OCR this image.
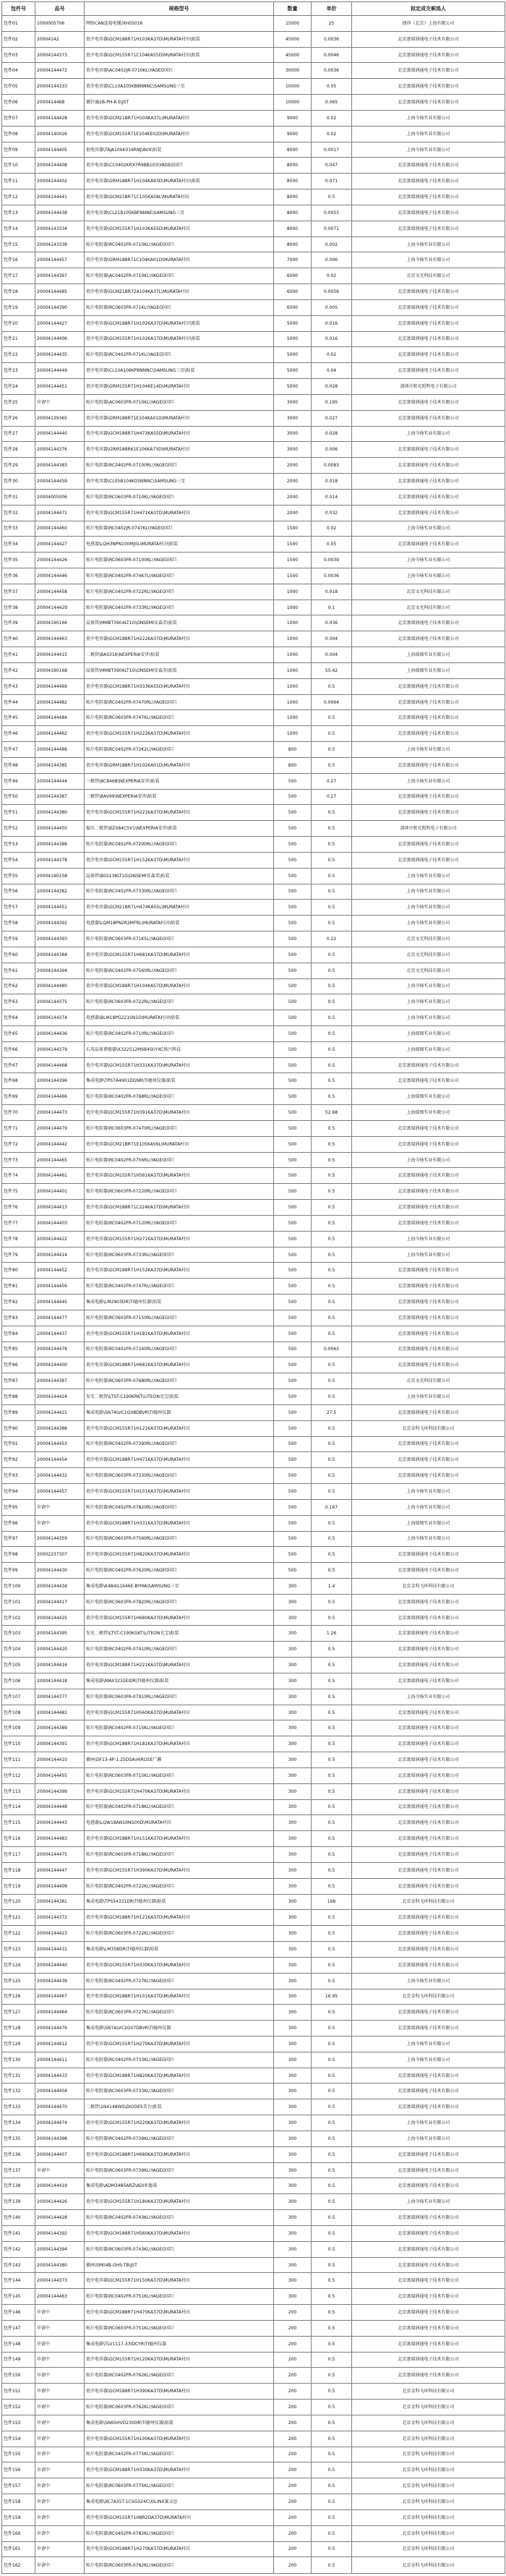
包件号	品号	规格型号	数量	单价	拟定成交候选人
包件01	1000005706	网络CAN连接电缆/XH0S016	15000	25	捷得（北京）上海有限公司
包件02	20004142	瓷介电容器\GCM188R71H103KA37D\MURATA村田\贴装	45000	0.0036	北京富瑞润通电子技术有限公司
包件03	20004144373	瓷介电容器\GCM155R71C104KA55D\MURATA村田\贴装	45000	0.0046	北京富瑞润通电子技术有限公司
包件04	20004144472	瓷介电容器\AC0402JR-0710KL\YAGEO国巨	30000	0.0036	北京富瑞润通电子技术有限公司
包件05	20004144333	瓷介电容器\CL10A105KB8NNNC\SAMSUNG三星	10000	0.05	北京富瑞润通电子技术有限公司
包件06	2000414468	插针\B2B-PH-K-S\JST	10000	0.065	北京富瑞润通电子技术有限公司
包件07	20004144428	瓷介电容器\GCM21BR71H104KA37L\MURATA村田	9000	0.02	上海今扬实业有限公司
包件08	20004140026	瓷介电容器\GCM155R71E104KE02D\MURATA村田	9000	0.02	上海今扬实业有限公司
包件09	20004144405	钽电容器\TAJA106K016RNJ\AVX\贴装	8000	0.0017	上海今扬实业有限公司
包件10	20004144408	瓷介电容器\CC0402KRX7R9BB103\YAGEO国巨	8000	0.047	北京富瑞润通电子技术有限公司
包件11	20004144402	瓷介电容器\GRM188R71H104KA93D\MURATA村田\贴装	8500	0.071	北京富瑞润通电子技术有限公司
包件12	20004144441	瓷介电容器\GCM21BR71C105KA58L\MURATA村田	8000	0.5	北京富瑞润通电子技术有限公司
包件13	20004144438	瓷介电容器\CL21B105KBFNNNE\SAMSUNG三星	8000	0.0053	北京富瑞润通电子技术有限公司
包件14	20004143334	瓷介电容器\GCM155R71H103KA55D\MURATA村田	8000	0.0071	北京富瑞润通电子技术有限公司
包件15	20004143338	贴片电阻器\RC0402FR-0710KL\YAGEO国巨	8000	0.002	上海今扬实业有限公司
包件16	20004144457	瓷介电容器\GRM188R71C104KA01D\MURATA村田	7000	0.006	上海今扬实业有限公司
包件17	20004144397	贴片电阻器\AC0402FR-0710KL\YAGEO国巨	6000	0.02	北京文光科技有限公司
包件18	20004144485	瓷介电容器\GCM21BR72A104KA37L\MURATA村田	6000	0.0056	北京富瑞润通电子技术有限公司
包件19	20004144390	贴片电阻器\RC0603FR-071KL\YAGEO国巨	6000	0.005	北京富瑞润通电子技术有限公司
包件20	20004144427	瓷介电容器\GCM188R71H102KA37D\MURATA村田\贴装	5000	0.016	北京富瑞润通电子技术有限公司
包件21	20004144406	瓷介电容器\GCM155R71H102KA37D\MURATA村田\贴装	5000	0.016	北京富瑞润通电子技术有限公司
包件22	20004144435	贴片电阻器\RC0402FR-071KL\YAGEO国巨	5000	0.02	北京富瑞润通电子技术有限公司
包件23	20004144449	瓷介电容器\CL10A106KP8NNNC\SAMSUNG三星\贴装	5000	0.04	北京富瑞润通电子技术有限公司
包件24	20004144451	瓷介电容器\GRM155R71H104KE14D\MURATA村田	5000	0.028	深圳市和光照明电子有限公司
包件25	申请中	贴片电阻器\AC0603FR-0710KL\YAGEO国巨	3000	0.195	北京富瑞润通电子技术有限公司
包件26	20004139365	瓷介电容器\GRM188R71E104KA01D\MURATA村田	3000	0.027	北京富瑞润通电子技术有限公司
包件27	20004144440	瓷介电容器\GCM188R71H473KA55D\MURATA村田	3000	0.028	上海今扬实业有限公司
包件28	20004144376	瓷介电容器\GRM188R61E106KA73D\MURATA村田	3000	0.006	北京富瑞润通电子技术有限公司
包件29	20004144383	贴片电阻器\RC0402FR-07100RL\YAGEO国巨	2000	0.0083	北京富瑞润通电子技术有限公司
包件30	20004144459	瓷介电容器\CL05B104KO5NNNC\SAMSUNG三星	2000	0.018	北京富瑞润通电子技术有限公司
包件31	20004005006	贴片电阻器\RC0603FR-0710KL\YAGEO国巨	2000	0.014	北京富瑞润通电子技术有限公司
包件32	20004144471	瓷介电容器\GCM155R71H471KA37D\MURATA村田	2000	0.032	北京富瑞润通电子技术有限公司
包件33	20004144460	贴片电阻器\RC0402JR-0747KL\YAGEO国巨	1500	0.02	上海今扬实业有限公司
包件34	20004144427	电感器\LQH3NPN100MJ0L\MURATA村田\贴装	1500	0.05	北京富瑞润通电子技术有限公司
包件35	20004144426	贴片电阻器\RC0603FR-07100KL\YAGEO国巨	1500	0.0039	上海今扬实业有限公司
包件36	20004144446	贴片电阻器\RC0402FR-074K7L\YAGEO国巨	1500	0.0036	上海今扬实业有限公司
包件37	20004144458	贴片电阻器\RC0402FR-0722RL\YAGEO国巨	1000	0.018	北京文光科技有限公司
包件38	20004144429	贴片电阻器\RC0402FR-0733RL\YAGEO国巨	1000	0.1	北京文光科技有限公司
包件39	20004190166	晶体管\MMBT3904LT1G\ONSEMI安森美\贴装	1000	0.036	北京富瑞润通电子技术有限公司
包件40	20004144463	瓷介电容器\GCM188R71H222KA37D\MURATA村田	1000	0.004	北京富瑞润通电子技术有限公司
包件41	20004144415	二极管\BAS316\NEXPERIA安世\贴装	1000	0.004	上海瑞图实业有限公司
包件42	20004190168	晶体管\MMBT3906LT1G\ONSEMI安森美\贴装	1000	55.42	上海瑞图实业有限公司
包件43	20004144469	瓷介电容器\GCM188R71H333KA55D\MURATA村田	1000	0.5	北京富瑞润通电子技术有限公司
包件44	20004144482	贴片电阻器\RC0402FR-07470RL\YAGEO国巨	1000	0.0064	北京富瑞润通电子技术有限公司
包件45	20004144484	贴片电阻器\RC0603FR-0747KL\YAGEO国巨	1000	0.5	北京富瑞润通电子技术有限公司
包件46	20004144462	瓷介电容器\GCM155R71H222KA37D\MURATA村田	1000	0.5	北京富瑞润通电子技术有限公司
包件47	20004144486	贴片电阻器\RC0402FR-072K2L\YAGEO国巨	800	0.5	上海今扬实业有限公司
包件48	20004144385	瓷介电容器\GRM188R71H102KA01D\MURATA村田	800	0.5	北京富瑞润通电子技术有限公司
包件49	20004144444	三极管\BC846B\NEXPERIA安世\贴装	500	0.27	上海今扬实业有限公司
包件50	20004144387	二极管\BAV99\NEXPERIA安世\贴装	500	0.27	北京富瑞润通电子技术有限公司
包件51	20004144380	瓷介电容器\GCM155R71H221KA37D\MURATA村田	500	0.5	北京富瑞润通电子技术有限公司
包件52	20004144450	稳压二极管\BZX84C5V1\NEXPERIA安世\贴装	500	0.5	深圳市和光照明电子有限公司
包件53	20004144386	贴片电阻器\RC0402FR-07200RL\YAGEO国巨	500	0.5	北京富瑞润通电子技术有限公司
包件54	20004144378	瓷介电容器\GCM155R71H152KA37D\MURATA村田	500	0.5	北京富瑞润通电子技术有限公司
包件55	20004190158	晶体管\BSS138LT1G\ONSEMI安森美\贴装	500	0.5	上海今扬实业有限公司
包件56	20004144382	贴片电阻器\RC0402FR-07330RL\YAGEO国巨	500	0.5	上海今扬实业有限公司
包件57	20004144451	瓷介电容器\GCM21BR71H474KA55L\MURATA村田	500	0.5	上海今扬实业有限公司
包件58	20004144392	电感器\LQM18PN2R2MFRL\MURATA村田\贴装	500	0.5	上海今扬实业有限公司
包件59	20004144393	贴片电阻器\RC0603FR-071K5L\YAGEO国巨	500	0.22	北京文光科技有限公司
包件60	20004144384	瓷介电容器\GCM155R71H681KA37D\MURATA村田	500	0.5	北京文光科技有限公司
包件61	20004144394	贴片电阻器\RC0402FR-07560RL\YAGEO国巨	500	0.5	北京文光科技有限公司
包件62	20004144480	瓷介电容器\GCM188R71H104KA57D\MURATA村田	500	0.5	上海今扬实业有限公司
包件63	20004144375	贴片电阻器\RC0603FR-0722RL\YAGEO国巨	500	0.5	上海今扬实业有限公司
包件64	20004144374	电感器\BLM18PG221SN1D\MURATA村田\贴装	500	0.5	上海今扬实业有限公司
包件65	20004144436	贴片电阻器\RC0402FR-0710RL\YAGEO国巨	500	0.5	上海瑞图实业有限公司
包件66	20004144379	石英晶体谐振器\X322512MSB4SI\YXC扬兴科技	500	0.5	上海瑞图实业有限公司
包件67	20004144468	瓷介电容器\GCM155R71H331KA37D\MURATA村田	500	0.5	北京富瑞润通电子技术有限公司
包件68	20004144396	集成电路\TPS7A4901DGNR\TI德州仪器\贴装	500	0.5	北京富瑞润通电子技术有限公司
包件69	20004144466	贴片电阻器\RC0402FR-0768RL\YAGEO国巨	500	0.5	上海瑞图实业有限公司
包件70	20004144473	瓷介电容器\GCM155R71H391KA37D\MURATA村田	500	52.68	上海瑞图实业有限公司
包件71	20004144479	贴片电阻器\RC0603FR-07470RL\YAGEO国巨	500	0.5	北京富瑞润通电子技术有限公司
包件72	20004144442	瓷介电容器\GCM21BR71E105KA56L\MURATA村田	500	0.5	北京富瑞润通电子技术有限公司
包件73	20004144465	贴片电阻器\RC0402FR-0756RL\YAGEO国巨	500	0.5	上海今扬实业有限公司
包件74	20004144461	瓷介电容器\GCM155R71H561KA37D\MURATA村田	500	0.5	北京富瑞润通电子技术有限公司
包件75	20004144401	贴片电阻器\RC0603FR-07220RL\YAGEO国巨	500	0.5	北京富瑞润通电子技术有限公司
包件76	20004144413	瓷介电容器\GCM188R71C224KA37D\MURATA村田	500	0.5	北京富瑞润通电子技术有限公司
包件77	20004144403	贴片电阻器\RC0402FR-07120RL\YAGEO国巨	500	0.5	北京富瑞润通电子技术有限公司
包件78	20004144422	瓷介电容器\GCM155R71H271KA37D\MURATA村田	500	0.5	上海今扬实业有限公司
包件79	20004144414	贴片电阻器\RC0603FR-0733RL\YAGEO国巨	500	0.5	上海今扬实业有限公司
包件80	20004144452	瓷介电容器\GCM188R71H152KA37D\MURATA村田	500	0.5	北京富瑞润通电子技术有限公司
包件81	20004144456	贴片电阻器\RC0402FR-0747RL\YAGEO国巨	500	0.5	北京富瑞润通电子技术有限公司
包件82	20004144445	集成电路\LM2903DR\TI德州仪器\贴装	500	0.5	北京富瑞润通电子技术有限公司
包件83	20004144477	贴片电阻器\RC0603FR-07150RL\YAGEO国巨	500	0.5	北京富瑞润通电子技术有限公司
包件84	20004144437	瓷介电容器\GCM155R71H181KA37D\MURATA村田	500	0.5	北京富瑞润通电子技术有限公司
包件85	20004144478	贴片电阻器\RC0402FR-07240RL\YAGEO国巨	500	0.0063	北京富瑞润通电子技术有限公司
包件86	20004144400	瓷介电容器\GCM188R71H681KA37D\MURATA村田	500	0.5	北京富瑞润通电子技术有限公司
包件87	20004144387	贴片电阻器\RC0603FR-07680RL\YAGEO国巨	500	0.5	北京文光科技有限公司
包件88	20004144424	发光二极管\LTST-C190KRKT\LITEON光宝\贴装	500	0.5	上海今扬实业有限公司
包件89	20004144421	集成电路\SN74LVC1G08DBVR\TI德州仪器	500	27.5	北京富瑞润通电子技术有限公司
包件90	20004144388	瓷介电容器\GCM155R71H121KA37D\MURATA村田	500	0.5	北京金科飞环科技有限公司
包件91	20004144453	贴片电阻器\RC0402FR-07390RL\YAGEO国巨	500	0.5	北京富瑞润通电子技术有限公司
包件92	20004144454	瓷介电容器\GCM188R71H471KA37D\MURATA村田	500	0.5	北京富瑞润通电子技术有限公司
包件93	20004144432	贴片电阻器\RC0603FR-07330RL\YAGEO国巨	500	0.5	北京富瑞润通电子技术有限公司
包件94	20004144457	瓷介电容器\GCM155R71H101KA37D\MURATA村田	500	0.5	上海今扬实业有限公司
包件95	申请中	贴片电阻器\RC0402FR-07820RL\YAGEO国巨	500	0.167	上海今扬实业有限公司
包件96	申请中	瓷介电容器\GCM188R71H331KA37D\MURATA村田	500	0.5	上海瑞图实业有限公司
包件97	20004144359	贴片电阻器\RC0603FR-07560RL\YAGEO国巨	500	0.5	上海今扬实业有限公司
包件98	20002237307	瓷介电容器\GCM155R71H820KA37D\MURATA村田	500	0.5	北京富瑞润通电子技术有限公司
包件99	20004144430	贴片电阻器\RC0402FR-07620RL\YAGEO国巨	500	0.5	北京富瑞润通电子技术有限公司
包件100	20004144434	集成电路\K4B4G1646E-BYMA\SAMSUNG三星	300	1.4	北京金科飞环科技有限公司
包件101	20004144417	贴片电阻器\RC0603FR-07820RL\YAGEO国巨	300	0.5	北京富瑞润通电子技术有限公司
包件102	20004144425	瓷介电容器\GCM155R71H680KA37D\MURATA村田	300	0.5	北京富瑞润通电子技术有限公司
包件103	20004144395	发光二极管\LTST-C190KGKT\LITEON光宝\贴装	300	1.26	北京富瑞润通电子技术有限公司
包件104	20004144420	贴片电阻器\RC0402FR-07910RL\YAGEO国巨	300	0.5	北京富瑞润通电子技术有限公司
包件105	20004144416	瓷介电容器\GCM188R71H221KA37D\MURATA村田	300	0.5	北京富瑞润通电子技术有限公司
包件106	20004144418	集成电路\MAX3232EIDR\TI德州仪器\贴装	300	0.5	北京富瑞润通电子技术有限公司
包件107	20004144377	贴片电阻器\RC0603FR-07910RL\YAGEO国巨	300	0.5	上海今扬实业有限公司
包件108	20004144481	瓷介电容器\GCM155R71H560KA37D\MURATA村田	300	0.5	北京富瑞润通电子技术有限公司
包件109	20004144389	贴片电阻器\RC0402FR-0715KL\YAGEO国巨	300	0.5	北京富瑞润通电子技术有限公司
包件110	20004144391	瓷介电容器\GCM188R71H181KA37D\MURATA村田	300	0.5	北京富瑞润通电子技术有限公司
包件111	20004144410	插座\DF13-4P-1.25DSA\HIROSE广濑	300	0.5	北京富瑞润通电子技术有限公司
包件112	20004144455	贴片电阻器\RC0603FR-0715KL\YAGEO国巨	300	0.5	北京富瑞润通电子技术有限公司
包件113	20004144399	瓷介电容器\GCM155R71H470KA37D\MURATA村田	300	0.5	北京富瑞润通电子技术有限公司
包件114	20004144448	贴片电阻器\RC0402FR-0718KL\YAGEO国巨	300	0.5	北京富瑞润通电子技术有限公司
包件115	20004144443	电感器\LQW18AN10NG00D\MURATA村田	300	0.5	北京富瑞润通电子技术有限公司
包件116	20004144483	瓷介电容器\GCM188R71H151KA37D\MURATA村田	300	0.5	北京富瑞润通电子技术有限公司
包件117	20004144475	贴片电阻器\RC0603FR-0718KL\YAGEO国巨	300	0.5	北京富瑞润通电子技术有限公司
包件118	20004144447	瓷介电容器\GCM155R71H390KA37D\MURATA村田	300	0.5	北京富瑞润通电子技术有限公司
包件119	20004144409	贴片电阻器\RC0402FR-0722KL\YAGEO国巨	300	0.5	北京富瑞润通电子技术有限公司
包件120	20004144381	集成电路\TPS54331DR\TI德州仪器\贴装	300	168	北京金科飞环科技有限公司
包件121	20004144372	瓷介电容器\GCM188R71H121KA37D\MURATA村田	300	0.5	北京富瑞润通电子技术有限公司
包件122	20004144423	贴片电阻器\RC0603FR-0722KL\YAGEO国巨	300	0.5	北京富瑞润通电子技术有限公司
包件123	20004144431	集成电路\LM358DR\TI德州仪器\贴装	300	0.5	北京富瑞润通电子技术有限公司
包件124	20004144440	瓷介电容器\GCM155R71H330KA37D\MURATA村田	300	0.5	北京富瑞润通电子技术有限公司
包件125	20004144439	贴片电阻器\RC0402FR-0727KL\YAGEO国巨	300	0.5	上海今扬实业有限公司
包件126	20004144467	瓷介电容器\GCM188R71H101KA37D\MURATA村田	300	16.95	北京金科飞环科技有限公司
包件127	20004144464	贴片电阻器\RC0603FR-0727KL\YAGEO国巨	300	0.5	北京富瑞润通电子技术有限公司
包件128	20004144476	集成电路\SN74LVC2G07DBVR\TI德州仪器	300	0.5	北京富瑞润通电子技术有限公司
包件129	20004144412	瓷介电容器\GCM155R71H270KA37D\MURATA村田	300	0.5	上海今扬实业有限公司
包件130	20004144411	贴片电阻器\RC0402FR-0733KL\YAGEO国巨	300	0.5	上海今扬实业有限公司
包件131	20004144433	瓷介电容器\GCM188R71H820KA37D\MURATA村田	300	0.5	北京富瑞润通电子技术有限公司
包件132	20004144404	贴片电阻器\RC0603FR-0733KL\YAGEO国巨	300	0.5	北京富瑞润通电子技术有限公司
包件133	20004144470	二极管\1N4148WS\DIODES美台\贴装	300	0.5	北京富瑞润通电子技术有限公司
包件134	20004144474	瓷介电容器\GCM155R71H220KA37D\MURATA村田	300	0.5	上海今扬实业有限公司
包件135	20004144398	贴片电阻器\RC0402FR-0739KL\YAGEO国巨	300	0.5	上海今扬实业有限公司
包件136	20004144407	瓷介电容器\GCM188R71H680KA37D\MURATA村田	300	0.5	北京富瑞润通电子技术有限公司
包件137	申请中	贴片电阻器\RC0603FR-0739KL\YAGEO国巨	300	0.5	北京富瑞润通电子技术有限公司
包件138	20004144419	集成电路\ADM3485ARZ\ADI亚德诺	300	0.5	北京富瑞润通电子技术有限公司
包件139	20004144426	瓷介电容器\GCM155R71H180KA37D\MURATA村田	300	0.5	上海今扬实业有限公司
包件140	20004144428	贴片电阻器\RC0402FR-0743KL\YAGEO国巨	300	0.5	北京富瑞润通电子技术有限公司
包件141	20004144392	瓷介电容器\GCM188R71H560KA37D\MURATA村田	300	0.5	北京富瑞润通电子技术有限公司
包件142	20004144394	贴片电阻器\RC0603FR-0743KL\YAGEO国巨	300	0.5	北京富瑞润通电子技术有限公司
包件143	20004144380	插座\SM04B-GHS-TB\JST	300	0.5	北京富瑞润通电子技术有限公司
包件144	20004144373	瓷介电容器\GCM155R71H150KA37D\MURATA村田	300	0.5	北京富瑞润通电子技术有限公司
包件145	20004144463	贴片电阻器\RC0402FR-0751KL\YAGEO国巨	300	0.5	北京富瑞润通电子技术有限公司
包件146	申请中	瓷介电容器\GCM188R71H470KA37D\MURATA村田	200	0.5	北京富瑞润通电子技术有限公司
包件147	申请中	贴片电阻器\RC0603FR-0751KL\YAGEO国巨	200	0.5	北京富瑞润通电子技术有限公司
包件148	申请中	集成电路\TLV1117-33IDCYR\TI德州仪器	200	0.5	北京富瑞润通电子技术有限公司
包件149	申请中	瓷介电容器\GCM155R71H120KA37D\MURATA村田	200	0.5	北京富瑞润通电子技术有限公司
包件150	申请中	贴片电阻器\RC0402FR-0762KL\YAGEO国巨	200	0.5	北京富瑞润通电子技术有限公司
包件151	申请中	瓷介电容器\GCM188R71H390KA37D\MURATA村田	200	0.5	北京金科飞环科技有限公司
包件152	申请中	贴片电阻器\RC0603FR-0762KL\YAGEO国巨	200	0.5	北京金科飞环科技有限公司
包件153	申请中	集成电路\SN65HVD230DR\TI德州仪器\贴装	200	0.5	北京金科飞环科技有限公司
包件154	申请中	瓷介电容器\GCM155R71H100KA37D\MURATA村田	200	0.5	北京金科飞环科技有限公司
包件155	申请中	贴片电阻器\RC0402FR-0775KL\YAGEO国巨	200	0.5	北京金科飞环科技有限公司
包件156	申请中	瓷介电容器\GCM188R71H330KA37D\MURATA村田	200	0.5	北京金科飞环科技有限公司
包件157	申请中	贴片电阻器\RC0603FR-0775KL\YAGEO国巨	200	0.5	北京金科飞环科技有限公司
包件158	申请中	集成电路\XC7A35T-1CSG324C\XILINX赛灵思	200	0.5	北京金科飞环科技有限公司
包件159	申请中	瓷介电容器\GCM155R71H8R2DA37D\MURATA村田	200	0.5	北京金科飞环科技有限公司
包件160	申请中	贴片电阻器\RC0402FR-0782KL\YAGEO国巨	200	0.5	北京金科飞环科技有限公司
包件161	申请中	瓷介电容器\GCM188R71H270KA37D\MURATA村田	200	0.5	北京金科飞环科技有限公司
包件162	申请中	贴片电阻器\RC0603FR-0782KL\YAGEO国巨	200	0.5	北京金科飞环科技有限公司
